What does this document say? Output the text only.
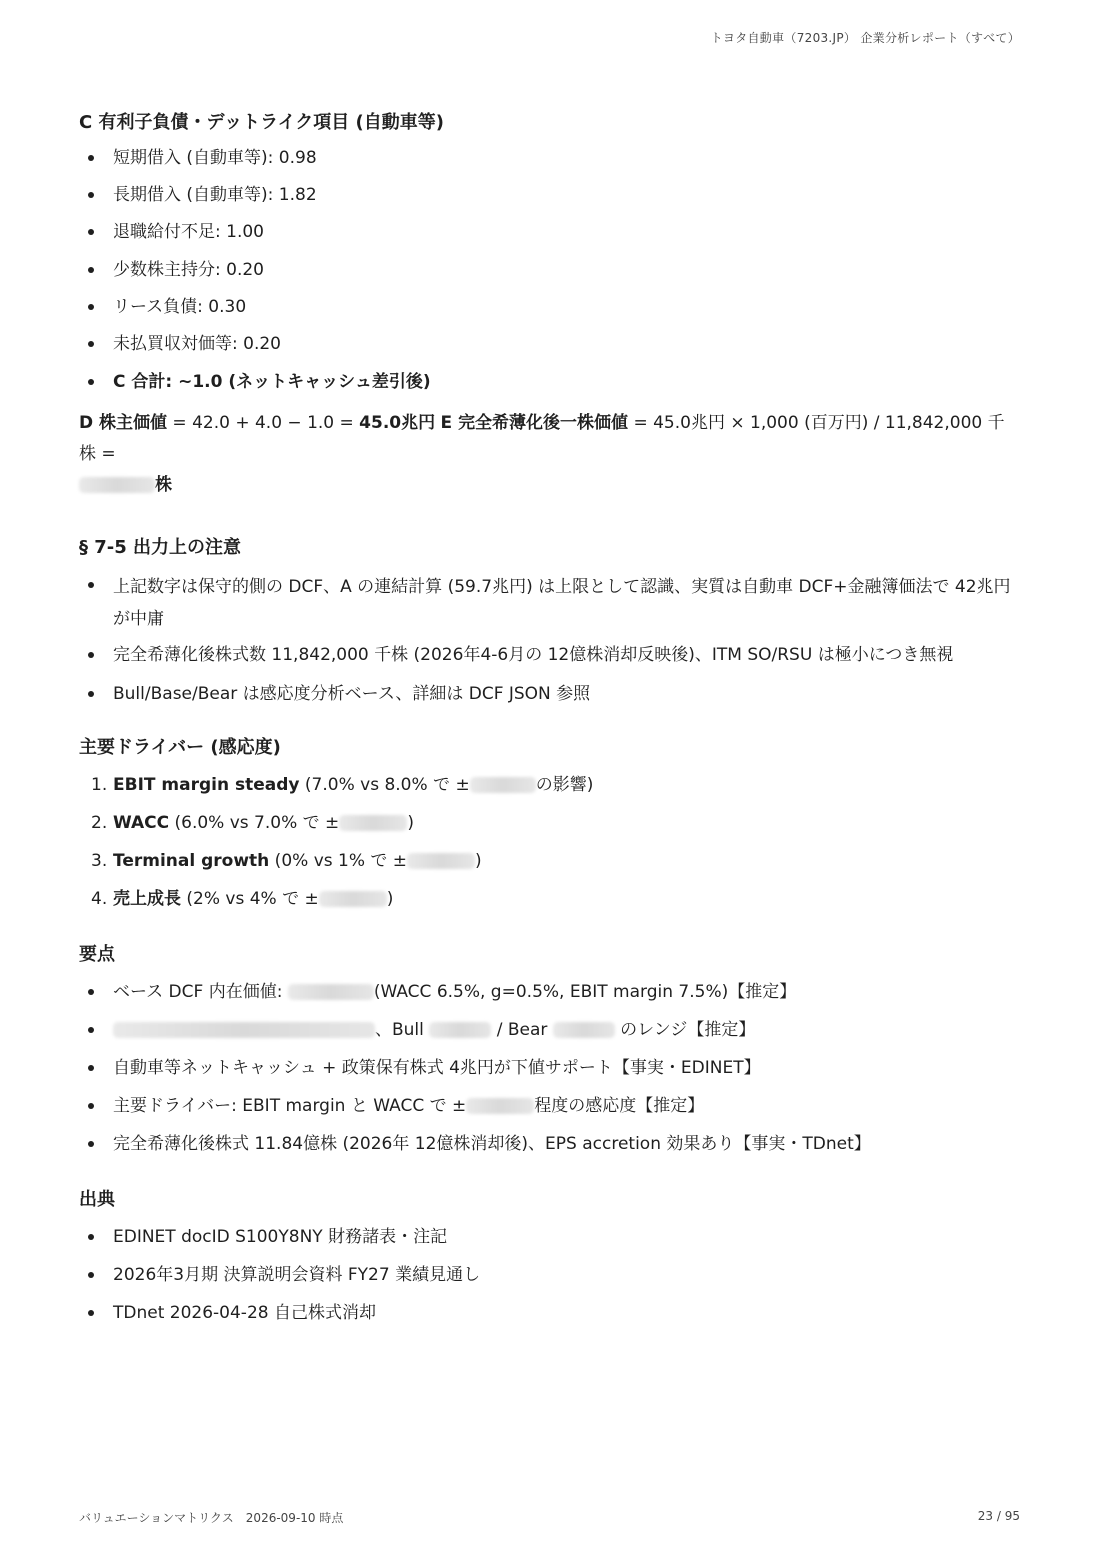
トヨタ自動車（7203.JP） 企業分析レポート（すべて）
C 有利子負債・デットライク項目 (自動車等)
短期借入 (自動車等): 0.98
長期借入 (自動車等): 1.82
退職給付不足: 1.00
少数株主持分: 0.20
リース負債: 0.30
未払買収対価等: 0.20
C 合計: ~1.0 (ネットキャッシュ差引後)

D 株主価値 = 42.0 + 4.0 − 1.0 = 45.0兆円 E 完全希薄化後一株価値 = 45.0兆円 × 1,000 (百万円) / 11,842,000 千株 =
株

§ 7-5 出力上の注意
上記数字は保守的側の DCF、A の連結計算 (59.7兆円) は上限として認識、実質は自動車 DCF+金融簿価法で 42兆円が中庸
完全希薄化後株式数 11,842,000 千株 (2026年4-6月の 12億株消却反映後)、ITM SO/RSU は極小につき無視
Bull/Base/Bear は感応度分析ベース、詳細は DCF JSON 参照
主要ドライバー (感応度)
1. EBIT margin steady (7.0% vs 8.0% で ±	の影響)
2. WACC (6.0% vs 7.0% で ±	)
3. Terminal growth (0% vs 1% で ±	)
4. 売上成長 (2% vs 4% で ±	)
要点
ベース DCF 内在価値:	(WACC 6.5%, g=0.5%, EBIT margin 7.5%)【推定】
、Bull	/ Bear	のレンジ【推定】
自動車等ネットキャッシュ + 政策保有株式 4兆円が下値サポート【事実・EDINET】
主要ドライバー: EBIT margin と WACC で ±	程度の感応度【推定】
完全希薄化後株式 11.84億株 (2026年 12億株消却後)、EPS accretion 効果あり【事実・TDnet】
出典
EDINET docID S100Y8NY 財務諸表・注記
2026年3月期 決算説明会資料 FY27 業績見通し
TDnet 2026-04-28 自己株式消却
バリュエーションマトリクス　2026-09-10 時点	23 / 95
